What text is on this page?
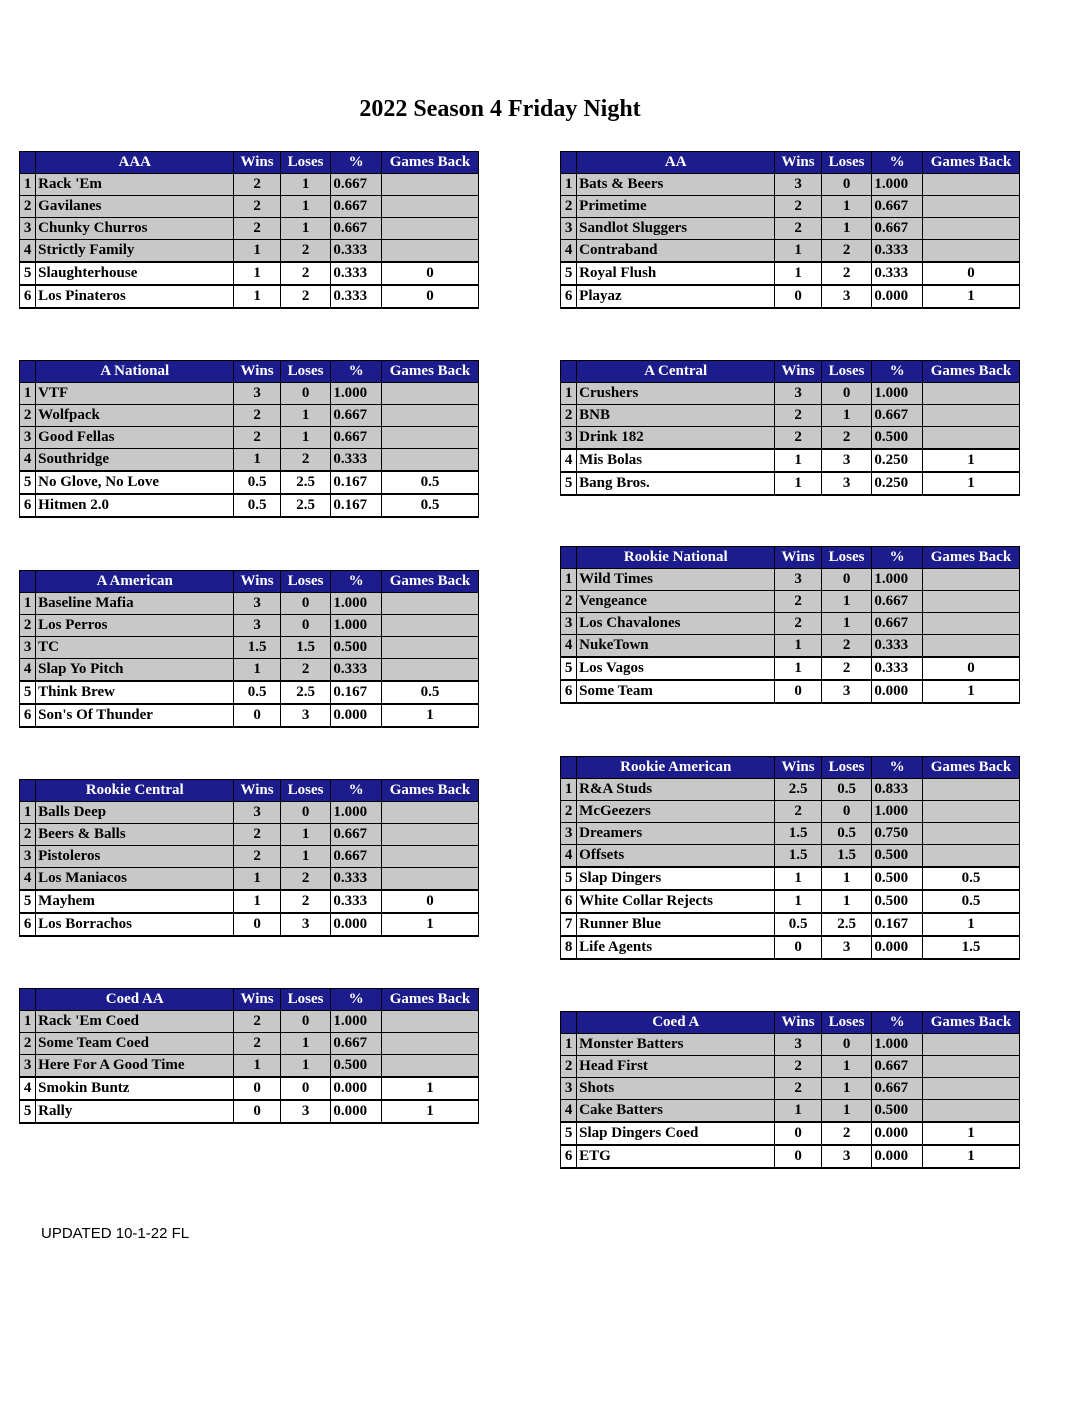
2022 Season 4 Friday Night
	AAA	Wins	Loses	%	Games Back
1	Rack 'Em	2	1	0.667	
2	Gavilanes	2	1	0.667	
3	Chunky Churros	2	1	0.667	
4	Strictly Family	1	2	0.333	
5	Slaughterhouse	1	2	0.333	0
6	Los Pinateros	1	2	0.333	0
	AA	Wins	Loses	%	Games Back
1	Bats & Beers	3	0	1.000	
2	Primetime	2	1	0.667	
3	Sandlot Sluggers	2	1	0.667	
4	Contraband	1	2	0.333	
5	Royal Flush	1	2	0.333	0
6	Playaz	0	3	0.000	1
	A National	Wins	Loses	%	Games Back
1	VTF	3	0	1.000	
2	Wolfpack	2	1	0.667	
3	Good Fellas	2	1	0.667	
4	Southridge	1	2	0.333	
5	No Glove, No Love	0.5	2.5	0.167	0.5
6	Hitmen 2.0	0.5	2.5	0.167	0.5
	A Central	Wins	Loses	%	Games Back
1	Crushers	3	0	1.000	
2	BNB	2	1	0.667	
3	Drink 182	2	2	0.500	
4	Mis Bolas	1	3	0.250	1
5	Bang Bros.	1	3	0.250	1
	A American	Wins	Loses	%	Games Back
1	Baseline Mafia	3	0	1.000	
2	Los Perros	3	0	1.000	
3	TC	1.5	1.5	0.500	
4	Slap Yo Pitch	1	2	0.333	
5	Think Brew	0.5	2.5	0.167	0.5
6	Son's Of Thunder	0	3	0.000	1
	Rookie National	Wins	Loses	%	Games Back
1	Wild Times	3	0	1.000	
2	Vengeance	2	1	0.667	
3	Los Chavalones	2	1	0.667	
4	NukeTown	1	2	0.333	
5	Los Vagos	1	2	0.333	0
6	Some Team	0	3	0.000	1
	Rookie Central	Wins	Loses	%	Games Back
1	Balls Deep	3	0	1.000	
2	Beers & Balls	2	1	0.667	
3	Pistoleros	2	1	0.667	
4	Los Maniacos	1	2	0.333	
5	Mayhem	1	2	0.333	0
6	Los Borrachos	0	3	0.000	1
	Rookie American	Wins	Loses	%	Games Back
1	R&A Studs	2.5	0.5	0.833	
2	McGeezers	2	0	1.000	
3	Dreamers	1.5	0.5	0.750	
4	Offsets	1.5	1.5	0.500	
5	Slap Dingers	1	1	0.500	0.5
6	White Collar Rejects	1	1	0.500	0.5
7	Runner Blue	0.5	2.5	0.167	1
8	Life Agents	0	3	0.000	1.5
	Coed AA	Wins	Loses	%	Games Back
1	Rack 'Em Coed	2	0	1.000	
2	Some Team Coed	2	1	0.667	
3	Here For A Good Time	1	1	0.500	
4	Smokin Buntz	0	0	0.000	1
5	Rally	0	3	0.000	1
	Coed A	Wins	Loses	%	Games Back
1	Monster Batters	3	0	1.000	
2	Head First	2	1	0.667	
3	Shots	2	1	0.667	
4	Cake Batters	1	1	0.500	
5	Slap Dingers Coed	0	2	0.000	1
6	ETG	0	3	0.000	1
UPDATED 10-1-22 FL
